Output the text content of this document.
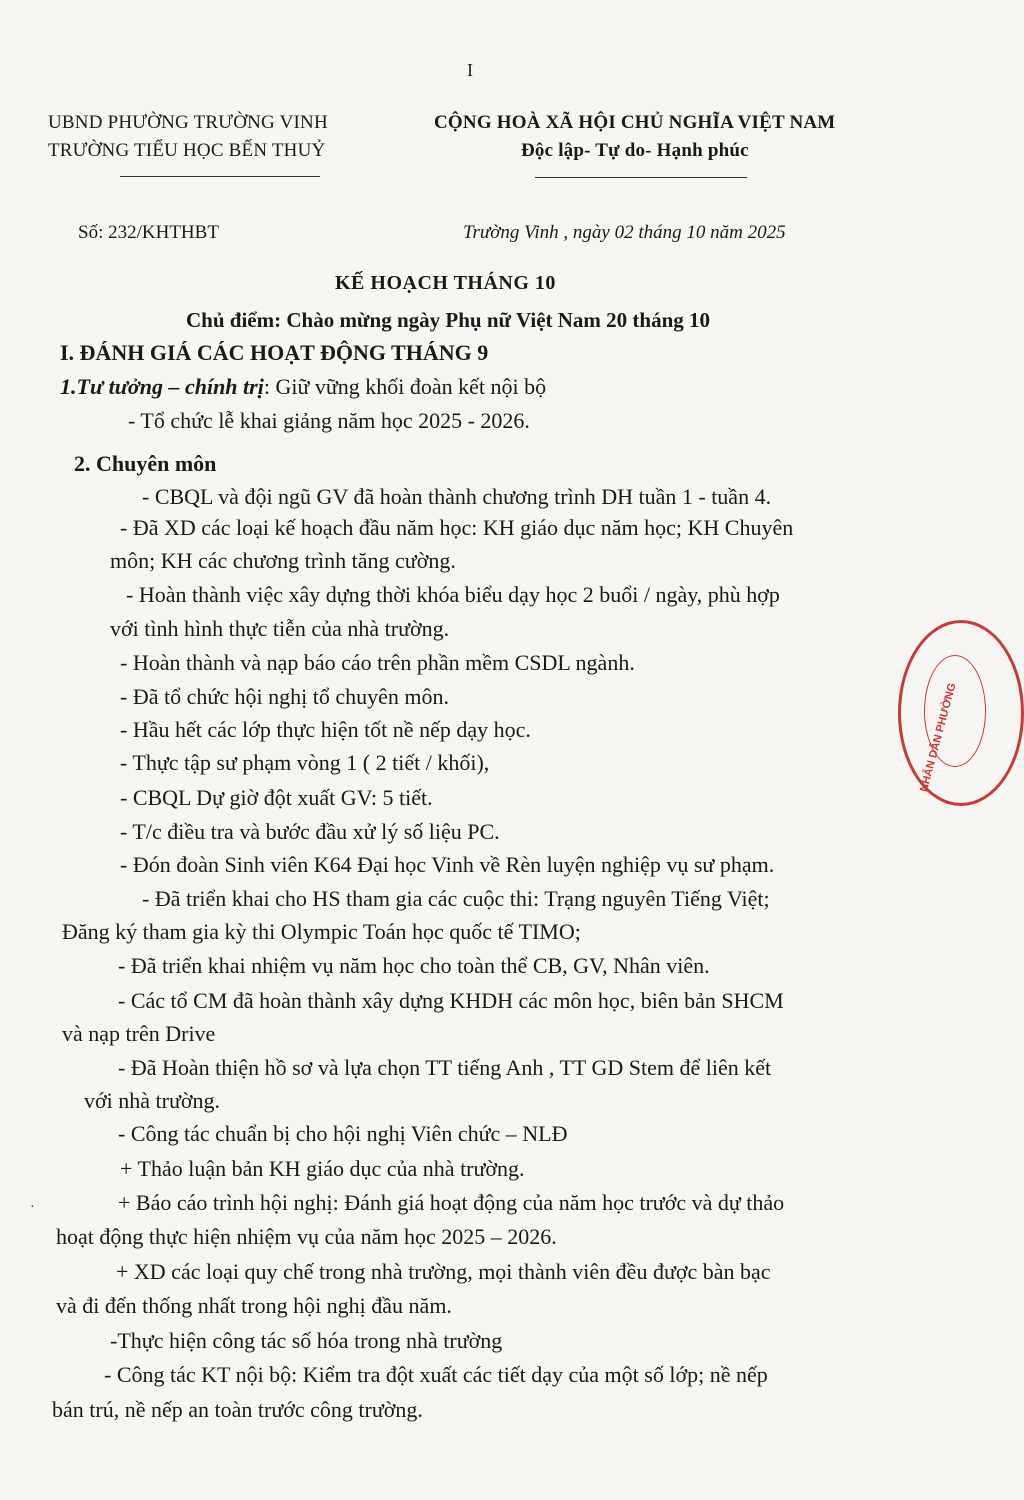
I
UBND PHƯỜNG TRƯỜNG VINH
TRƯỜNG TIỂU HỌC BẾN THUỶ
CỘNG HOÀ XÃ HỘI CHỦ NGHĨA VIỆT NAM
Độc lập- Tự do- Hạnh phúc
Số: 232/KHTHBT	Trường Vinh , ngày 02 tháng 10 năm 2025
KẾ HOẠCH THÁNG 10
Chủ điểm: Chào mừng ngày Phụ nữ Việt Nam 20 tháng 10
I. ĐÁNH GIÁ CÁC HOẠT ĐỘNG THÁNG 9
1.Tư tưởng – chính trị: Giữ vững khối đoàn kết nội bộ
- Tổ chức lễ khai giảng năm học 2025 - 2026.
2. Chuyên môn
- CBQL và đội ngũ GV đã hoàn thành chương trình DH tuần 1 - tuần 4.
- Đã XD các loại kế hoạch đầu năm học: KH giáo dục năm học; KH Chuyên
môn; KH các chương trình tăng cường.
- Hoàn thành việc xây dựng thời khóa biểu dạy học 2 buổi / ngày, phù hợp
với tình hình thực tiễn của nhà trường.
- Hoàn thành và nạp báo cáo trên phần mềm CSDL ngành.
- Đã tổ chức hội nghị tổ chuyên môn.
- Hầu hết các lớp thực hiện tốt nề nếp dạy học.
- Thực tập sư phạm vòng 1 ( 2 tiết / khối),
- CBQL Dự giờ đột xuất GV: 5 tiết.
- T/c điều tra và bước đầu xử lý số liệu PC.
- Đón đoàn Sinh viên K64 Đại học Vinh về Rèn luyện nghiệp vụ sư phạm.
- Đã triển khai cho HS tham gia các cuộc thi: Trạng nguyên Tiếng Việt;
Đăng ký tham gia kỳ thi Olympic Toán học quốc tế TIMO;
- Đã triển khai nhiệm vụ năm học cho toàn thể CB, GV, Nhân viên.
- Các tổ CM đã hoàn thành xây dựng KHDH các môn học, biên bản SHCM
và nạp trên Drive
- Đã Hoàn thiện hồ sơ và lựa chọn TT tiếng Anh , TT GD Stem để liên kết
với nhà trường.
- Công tác chuẩn bị cho hội nghị Viên chức – NLĐ
+ Thảo luận bản KH giáo dục của nhà trường.
+ Báo cáo trình hội nghị: Đánh giá hoạt động của năm học trước và dự thảo
hoạt động thực hiện nhiệm vụ của năm học 2025 – 2026.
+ XD các loại quy chế trong nhà trường, mọi thành viên đều được bàn bạc
và đi đến thống nhất trong hội nghị đầu năm.
-Thực hiện công tác số hóa trong nhà trường
- Công tác KT nội bộ: Kiểm tra đột xuất các tiết dạy của một số lớp; nề nếp
bán trú, nề nếp an toàn trước công trường.
NHÂN DÂN PHƯỜNG
·
